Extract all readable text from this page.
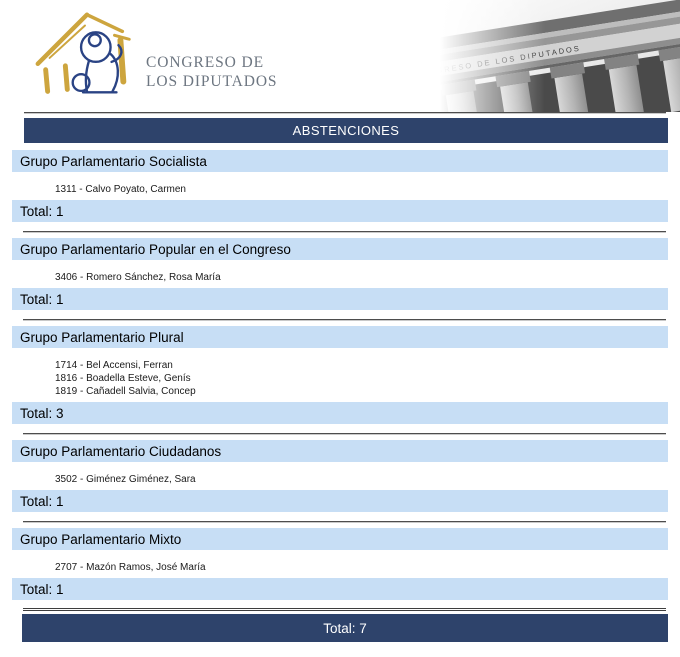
CONGRESO DE
LOS DIPUTADOS
ABSTENCIONES
Grupo Parlamentario Socialista
1311 - Calvo Poyato, Carmen
Total: 1
Grupo Parlamentario Popular en el Congreso
3406 - Romero Sánchez, Rosa María
Total: 1
Grupo Parlamentario Plural
1714 - Bel Accensi, Ferran
1816 - Boadella Esteve, Genís
1819 - Cañadell Salvia, Concep
Total: 3
Grupo Parlamentario Ciudadanos
3502 - Giménez Giménez, Sara
Total: 1
Grupo Parlamentario Mixto
2707 - Mazón Ramos, José María
Total: 1
Total: 7
